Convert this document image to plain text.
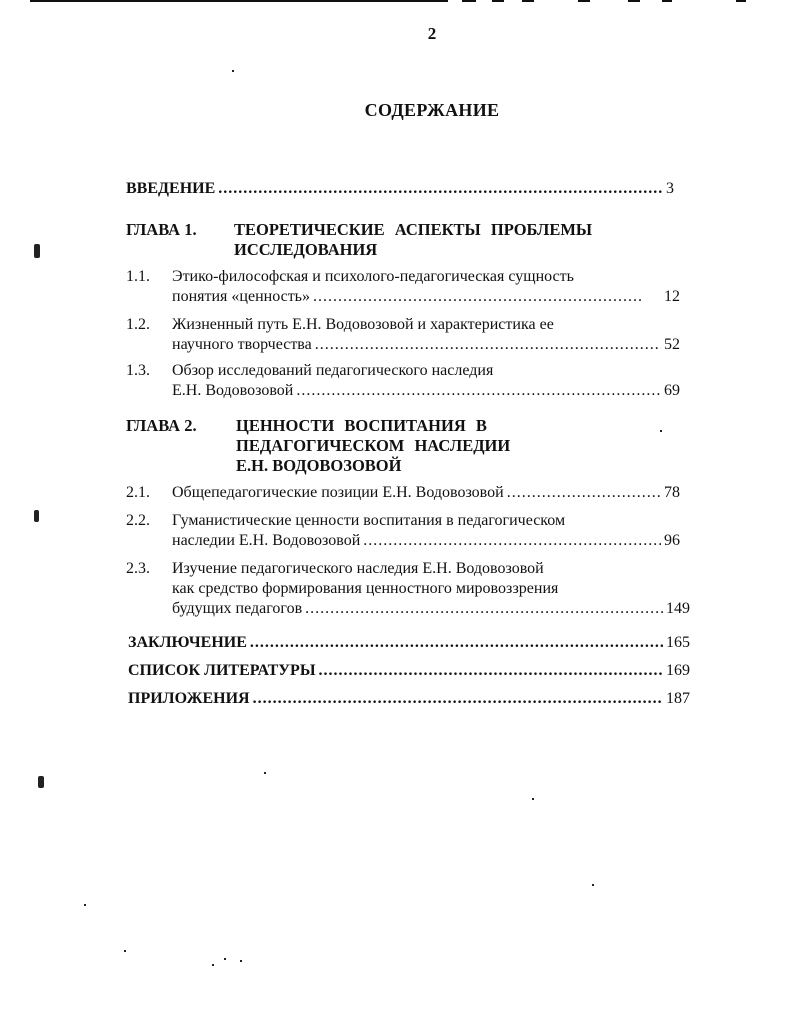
2
СОДЕРЖАНИЕ
ВВЕДЕНИЕ .....	3
ГЛАВА 1. ТЕОРЕТИЧЕСКИЕ АСПЕКТЫ ПРОБЛЕМЫ
ИССЛЕДОВАНИЯ
1.1. Этико-философская и психолого-педагогическая сущность
понятия «ценность» .....	12
1.2. Жизненный путь Е.Н. Водовозовой и характеристика ее
научного творчества .....	52
1.3. Обзор исследований педагогического наследия
Е.Н. Водовозовой .....	69
ГЛАВА 2. ЦЕННОСТИ ВОСПИТАНИЯ В
ПЕДАГОГИЧЕСКОМ НАСЛЕДИИ
Е.Н. ВОДОВОЗОВОЙ
2.1. Общепедагогические позиции Е.Н. Водовозовой .....	78
2.2. Гуманистические ценности воспитания в педагогическом
наследии Е.Н. Водовозовой .....	96
2.3. Изучение педагогического наследия Е.Н. Водовозовой
как средство формирования ценностного мировоззрения
будущих педагогов .....	149
ЗАКЛЮЧЕНИЕ .....	165
СПИСОК ЛИТЕРАТУРЫ .....	169
ПРИЛОЖЕНИЯ .....	187
